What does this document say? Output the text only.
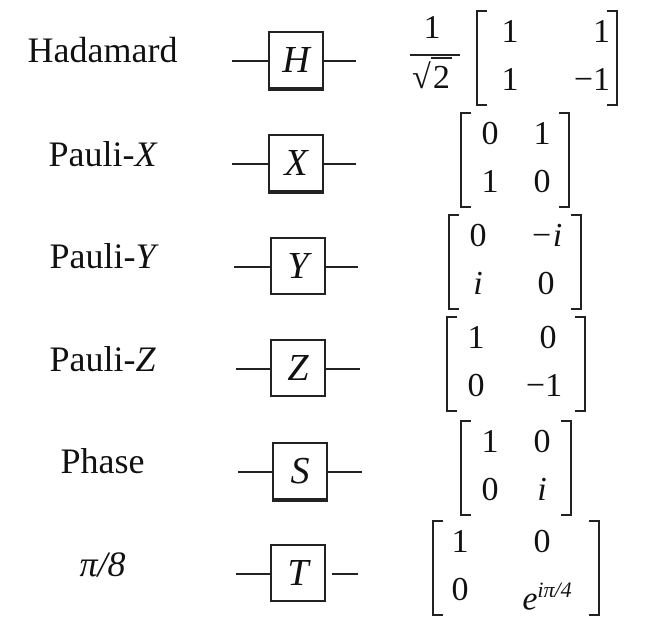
Hadamard	H
1
√2
1	1
1	−1
Pauli-X	X
0 1
1 0
Pauli-Y	Y
0	−i
i	0
Pauli-Z	Z
1	0
0	−1
Phase	S
1 0
0	i
π/8	T
1 0
0	$e^{i\pi/4}$
